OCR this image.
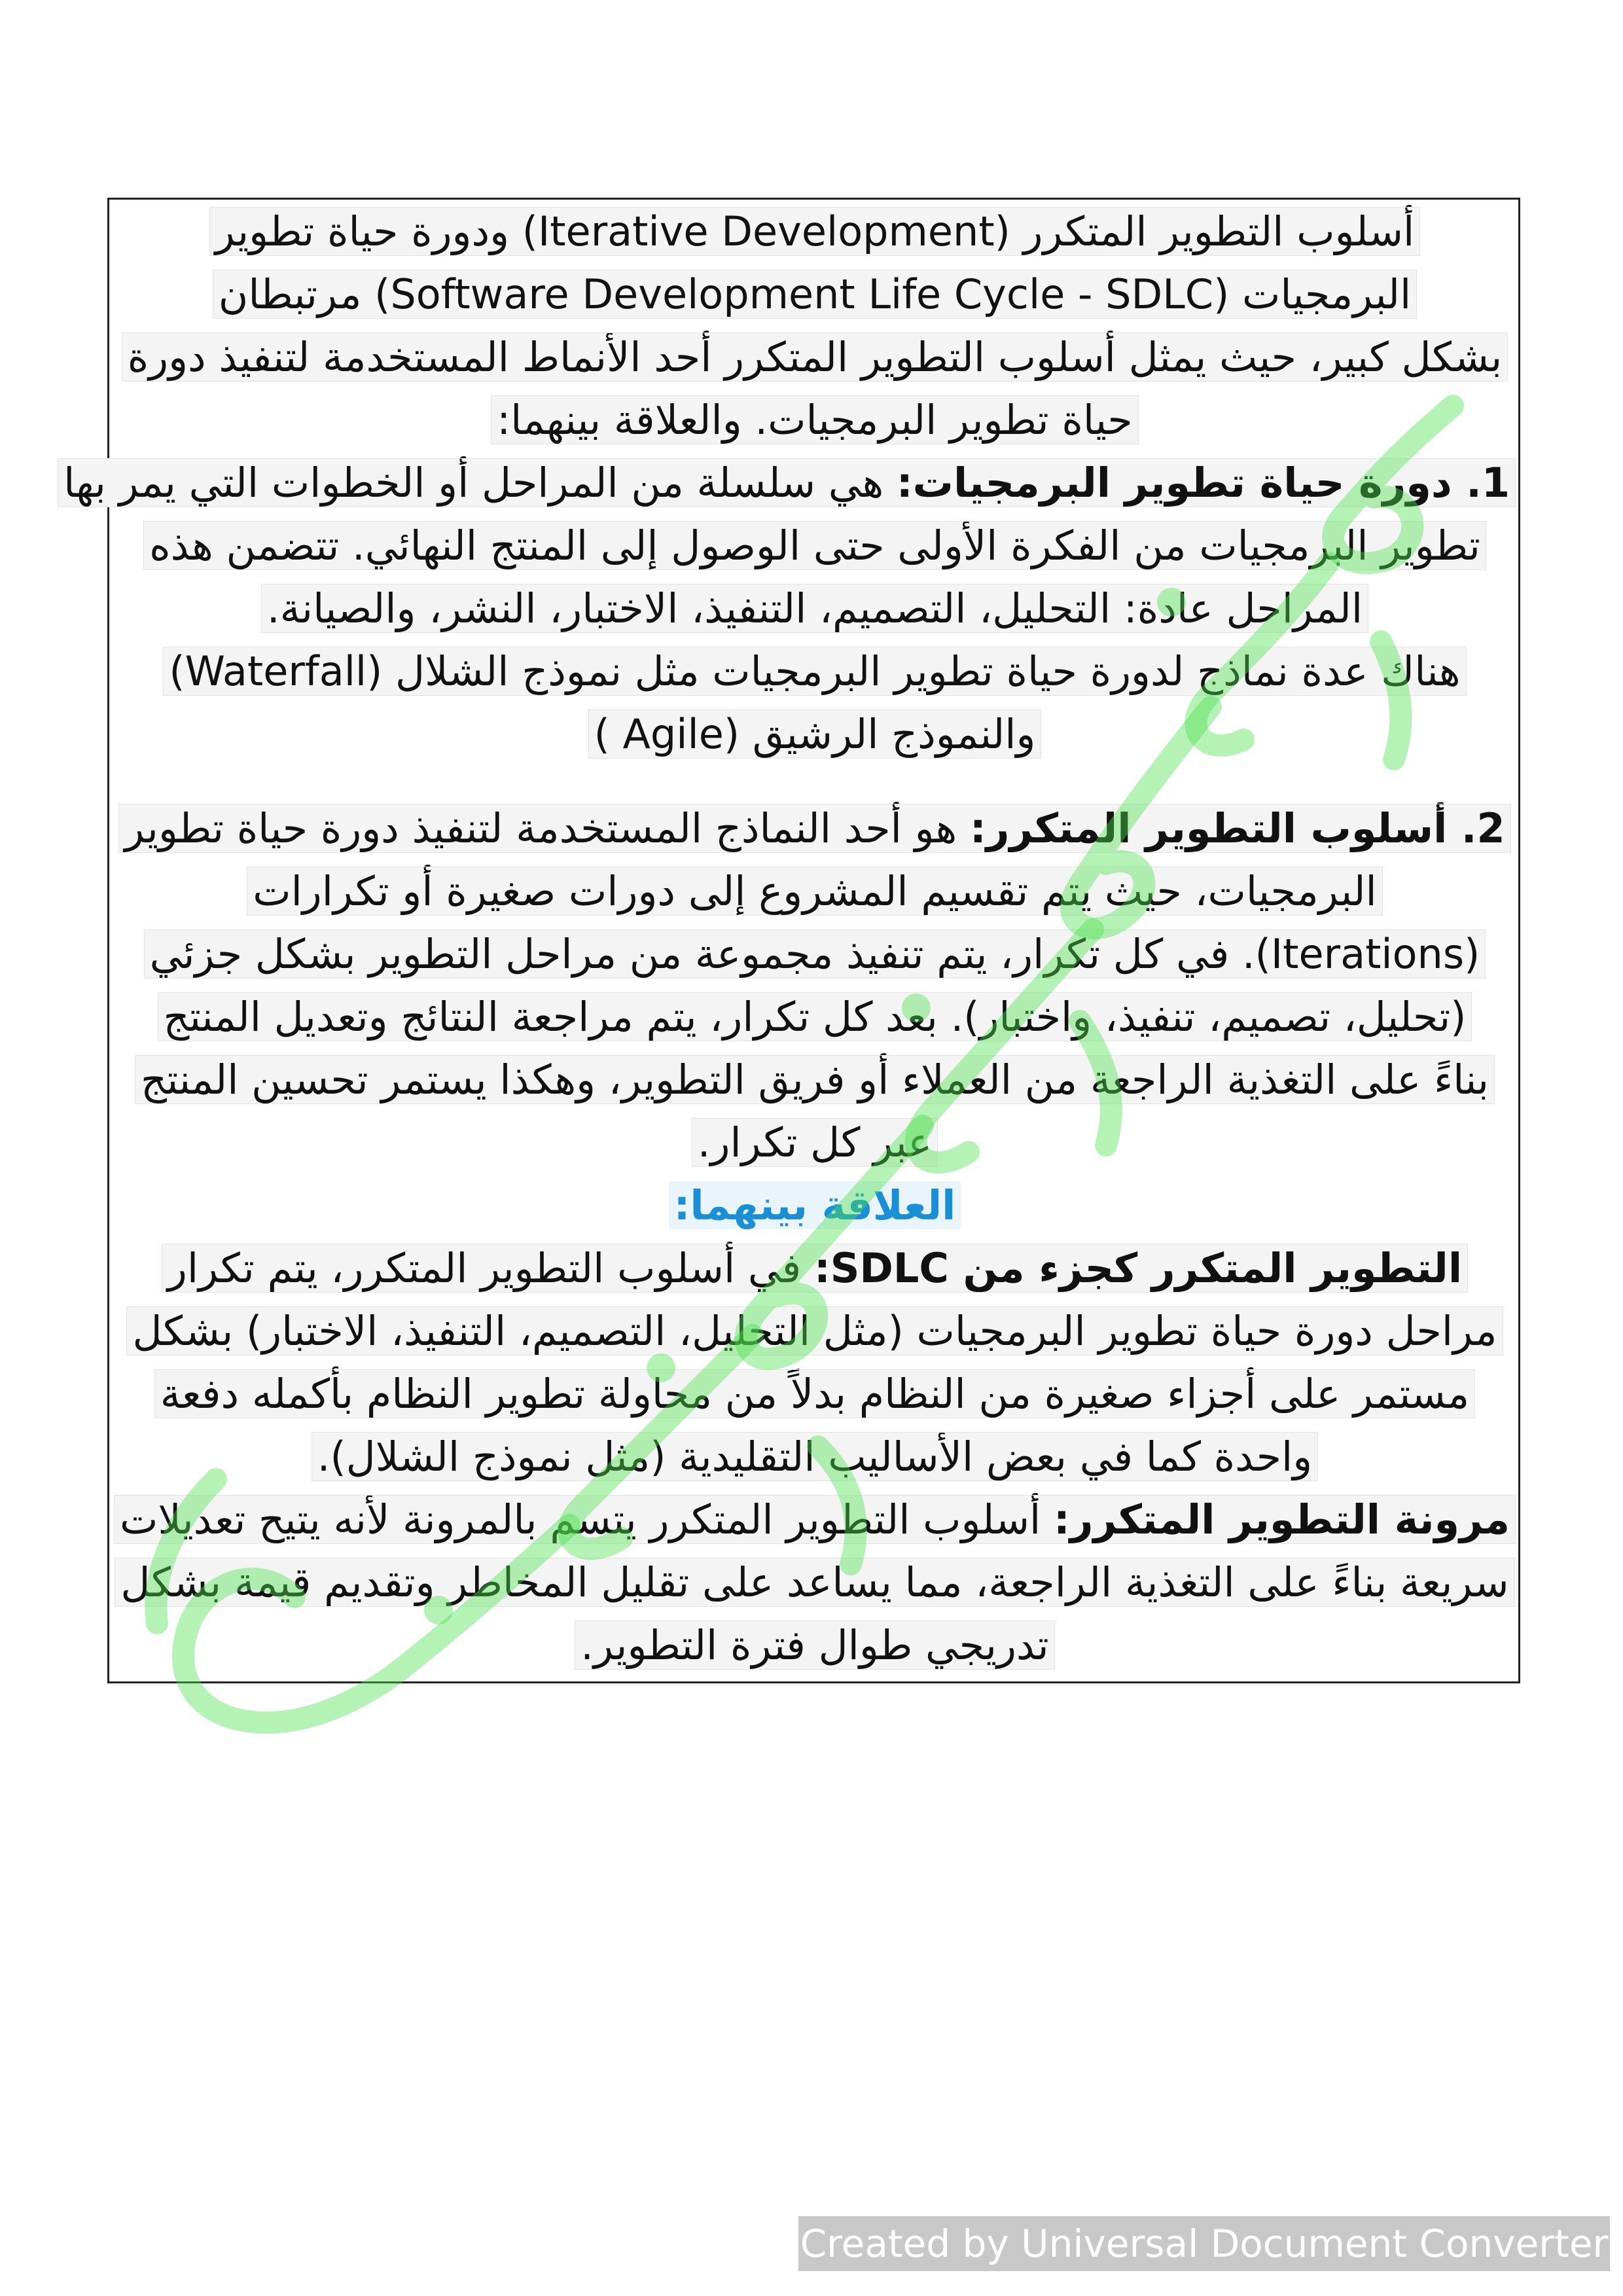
أسلوب التطوير المتكرر (Iterative Development) ودورة حياة تطوير
البرمجيات (Software Development Life Cycle - SDLC) مرتبطان
بشكل كبير، حيث يمثل أسلوب التطوير المتكرر أحد الأنماط المستخدمة لتنفيذ دورة
حياة تطوير البرمجيات. والعلاقة بينهما:
1. دورة حياة تطوير البرمجيات: هي سلسلة من المراحل أو الخطوات التي يمر بها
تطوير البرمجيات من الفكرة الأولى حتى الوصول إلى المنتج النهائي. تتضمن هذه
المراحل عادة: التحليل، التصميم، التنفيذ، الاختبار، النشر، والصيانة.
هناك عدة نماذج لدورة حياة تطوير البرمجيات مثل نموذج الشلال (Waterfall)
والنموذج الرشيق (Agile )
2. أسلوب التطوير المتكرر: هو أحد النماذج المستخدمة لتنفيذ دورة حياة تطوير
البرمجيات، حيث يتم تقسيم المشروع إلى دورات صغيرة أو تكرارات
(Iterations). في كل تكرار، يتم تنفيذ مجموعة من مراحل التطوير بشكل جزئي
(تحليل، تصميم، تنفيذ، واختبار). بعد كل تكرار، يتم مراجعة النتائج وتعديل المنتج
بناءً على التغذية الراجعة من العملاء أو فريق التطوير، وهكذا يستمر تحسين المنتج
عبر كل تكرار.
العلاقة بينهما:
التطوير المتكرر كجزء من SDLC: في أسلوب التطوير المتكرر، يتم تكرار
مراحل دورة حياة تطوير البرمجيات (مثل التحليل، التصميم، التنفيذ، الاختبار) بشكل
مستمر على أجزاء صغيرة من النظام بدلاً من محاولة تطوير النظام بأكمله دفعة
واحدة كما في بعض الأساليب التقليدية (مثل نموذج الشلال).
مرونة التطوير المتكرر: أسلوب التطوير المتكرر يتسم بالمرونة لأنه يتيح تعديلات
سريعة بناءً على التغذية الراجعة، مما يساعد على تقليل المخاطر وتقديم قيمة بشكل
تدريجي طوال فترة التطوير.
Created by Universal Document Converter
